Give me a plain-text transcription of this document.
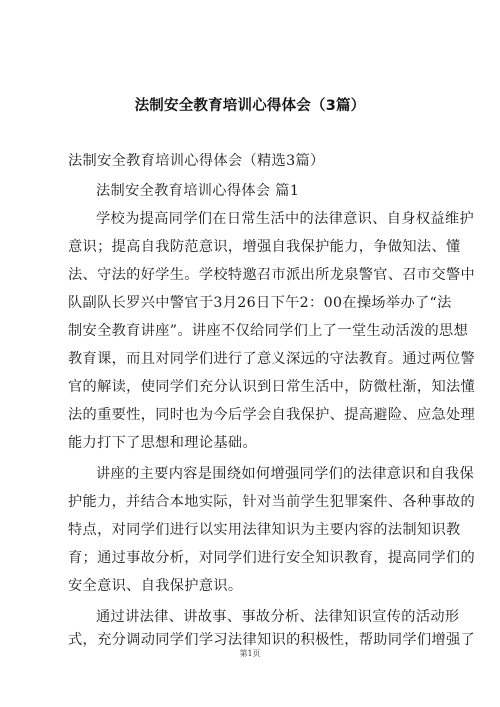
法制安全教育培训心得体会（3篇）
法制安全教育培训心得体会（精选3篇）
法制安全教育培训心得体会 篇1
学校为提高同学们在日常生活中的法律意识、自身权益维护
意识；提高自我防范意识，增强自我保护能力，争做知法、懂
法、守法的好学生。学校特邀召市派出所龙泉警官、召市交警中
队副队长罗兴中警官于3月26日下午2：00在操场举办了“法
制安全教育讲座”。讲座不仅给同学们上了一堂生动活泼的思想
教育课，而且对同学们进行了意义深远的守法教育。通过两位警
官的解读，使同学们充分认识到日常生活中，防微杜渐，知法懂
法的重要性，同时也为今后学会自我保护、提高避险、应急处理
能力打下了思想和理论基础。
讲座的主要内容是围绕如何增强同学们的法律意识和自我保
护能力，并结合本地实际，针对当前学生犯罪案件、各种事故的
特点，对同学们进行以实用法律知识为主要内容的法制知识教
育；通过事故分析，对同学们进行安全知识教育，提高同学们的
安全意识、自我保护意识。
通过讲法律、讲故事、事故分析、法律知识宣传的活动形
式，充分调动同学们学习法律知识的积极性，帮助同学们增强了
第1页
